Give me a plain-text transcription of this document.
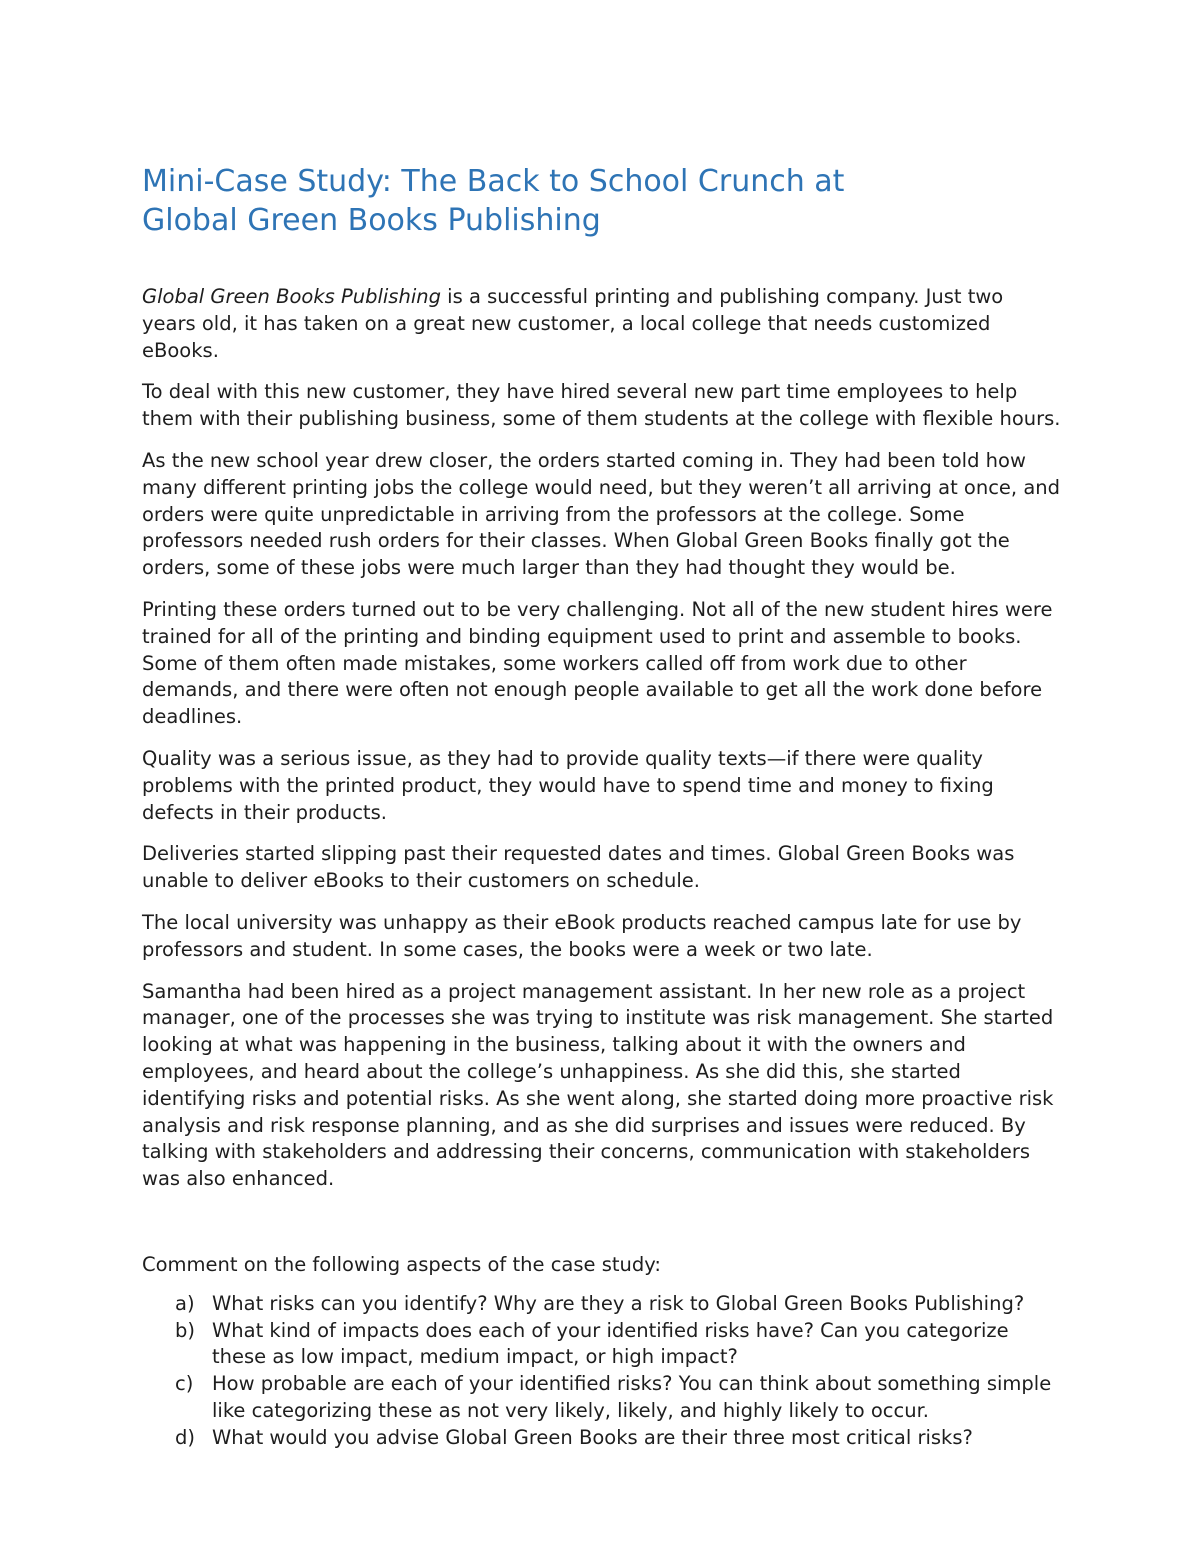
Mini-Case Study: The Back to School Crunch at
Global Green Books Publishing

Global Green Books Publishing is a successful printing and publishing company. Just two years old, it has taken on a great new customer, a local college that needs customized eBooks.

To deal with this new customer, they have hired several new part time employees to help them with their publishing business, some of them students at the college with flexible hours.

As the new school year drew closer, the orders started coming in. They had been told how many different printing jobs the college would need, but they weren’t all arriving at once, and orders were quite unpredictable in arriving from the professors at the college. Some professors needed rush orders for their classes. When Global Green Books finally got the orders, some of these jobs were much larger than they had thought they would be.

Printing these orders turned out to be very challenging. Not all of the new student hires were trained for all of the printing and binding equipment used to print and assemble to books. Some of them often made mistakes, some workers called off from work due to other demands, and there were often not enough people available to get all the work done before deadlines.

Quality was a serious issue, as they had to provide quality texts—if there were quality problems with the printed product, they would have to spend time and money to fixing defects in their products.

Deliveries started slipping past their requested dates and times. Global Green Books was unable to deliver eBooks to their customers on schedule.

The local university was unhappy as their eBook products reached campus late for use by professors and student. In some cases, the books were a week or two late.

Samantha had been hired as a project management assistant. In her new role as a project manager, one of the processes she was trying to institute was risk management. She started looking at what was happening in the business, talking about it with the owners and employees, and heard about the college’s unhappiness. As she did this, she started identifying risks and potential risks. As she went along, she started doing more proactive risk analysis and risk response planning, and as she did surprises and issues were reduced. By talking with stakeholders and addressing their concerns, communication with stakeholders was also enhanced.

Comment on the following aspects of the case study:

a) What risks can you identify? Why are they a risk to Global Green Books Publishing?
b) What kind of impacts does each of your identified risks have? Can you categorize these as low impact, medium impact, or high impact?
c) How probable are each of your identified risks? You can think about something simple like categorizing these as not very likely, likely, and highly likely to occur.
d) What would you advise Global Green Books are their three most critical risks?
